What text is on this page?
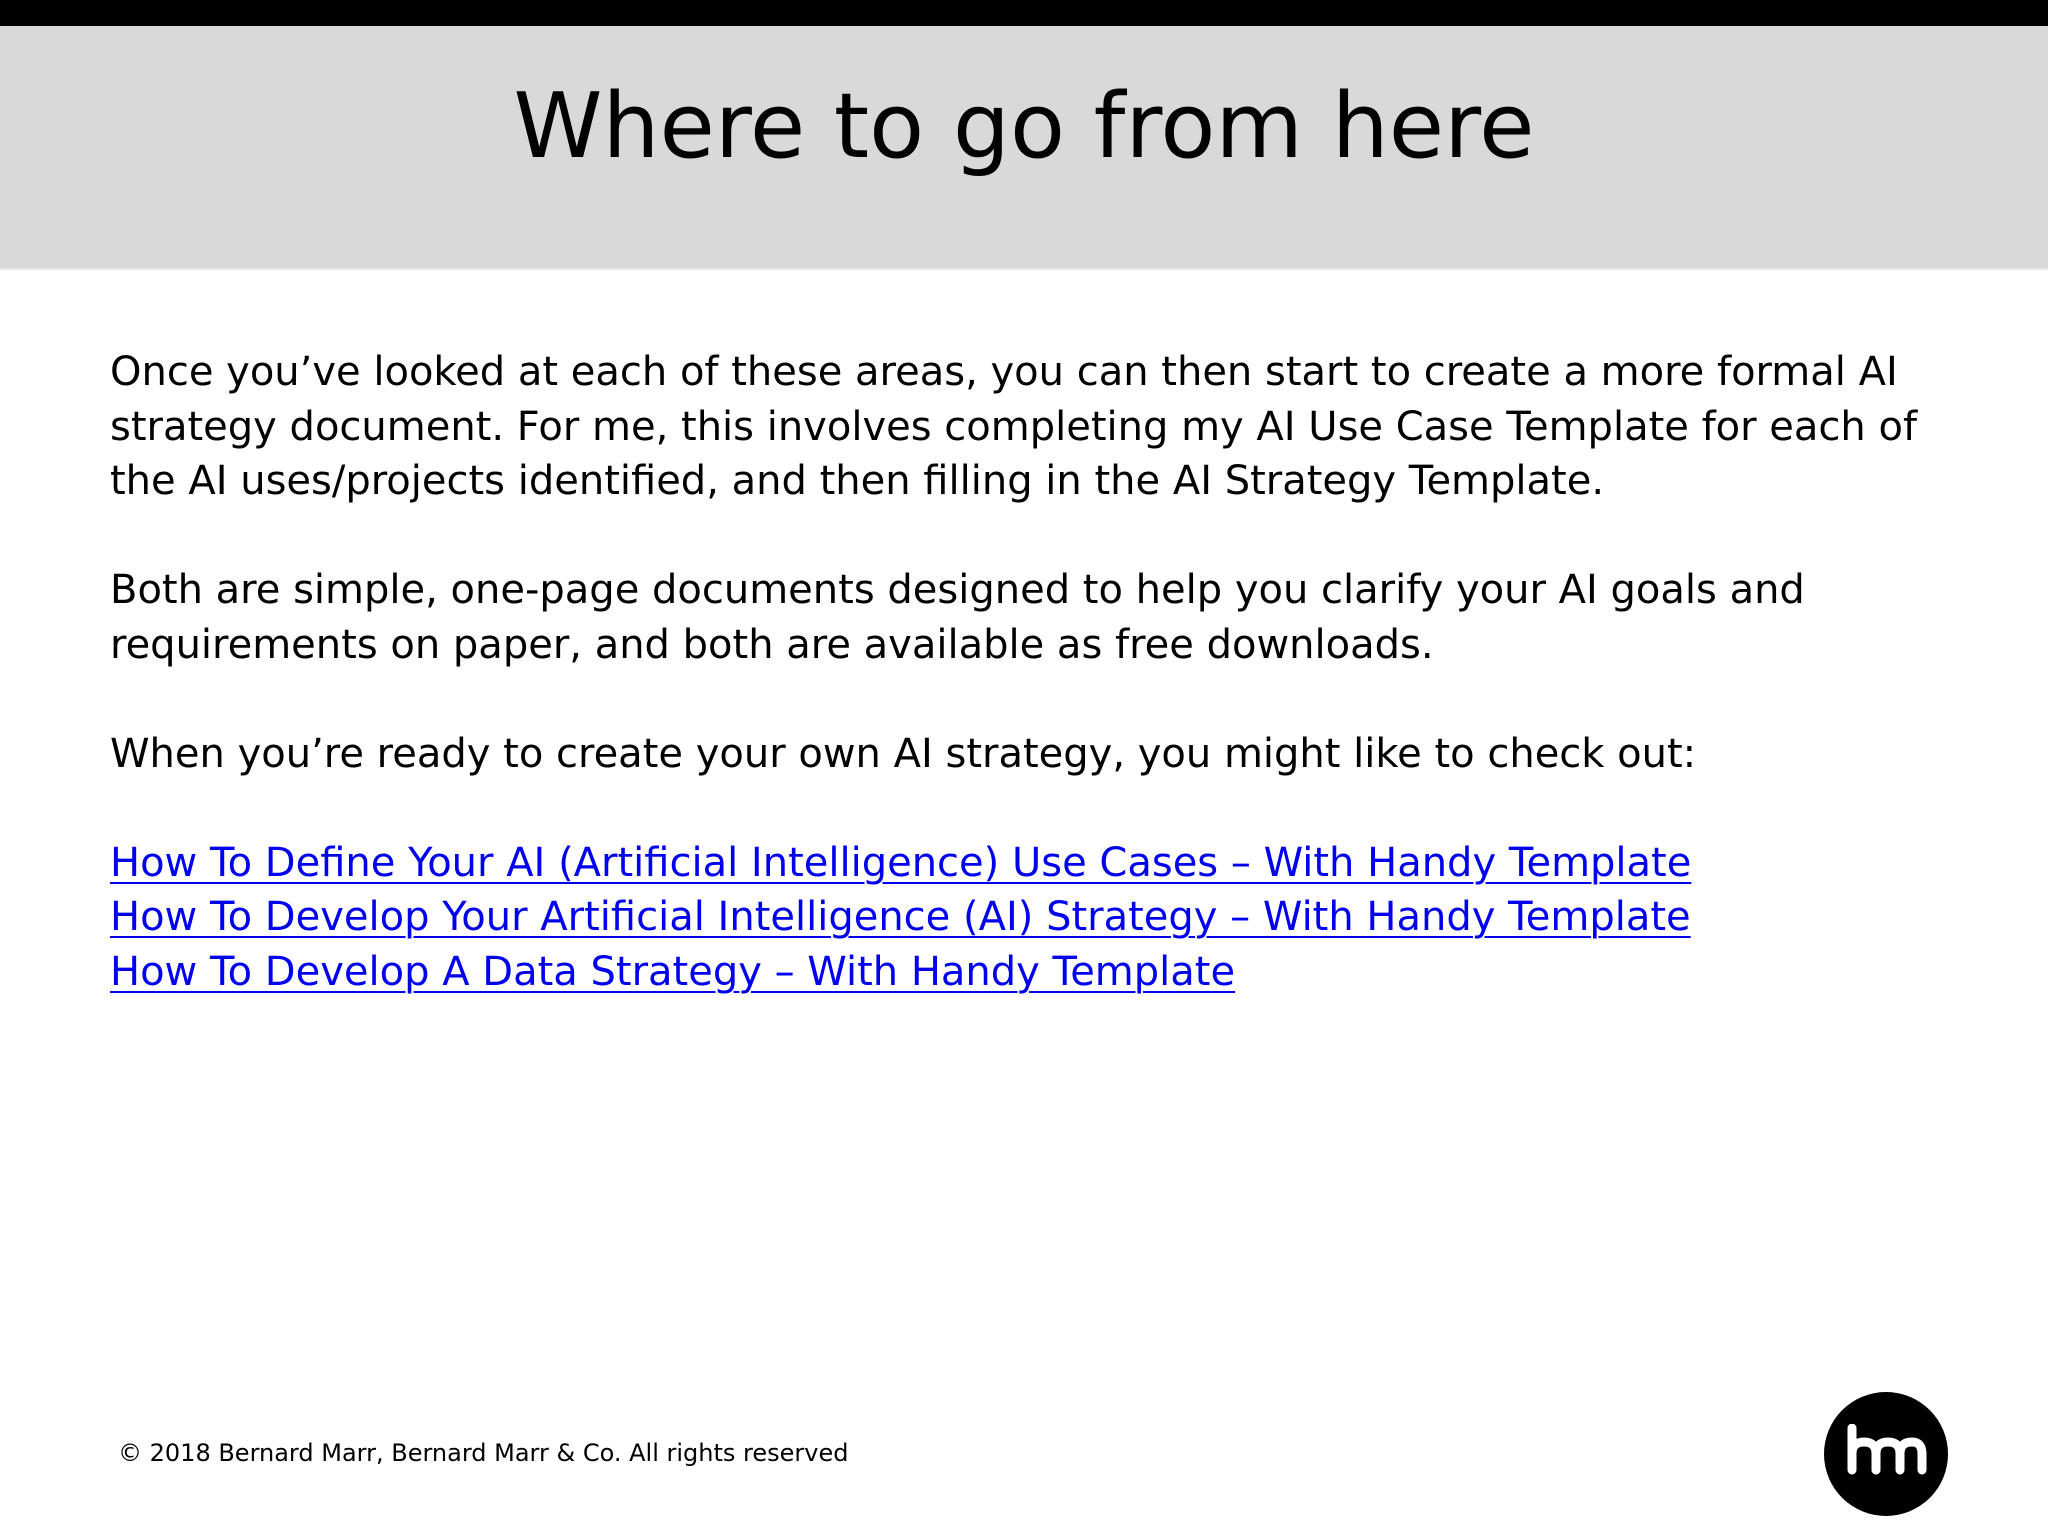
Where to go from here

Once you’ve looked at each of these areas, you can then start to create a more formal AI strategy document. For me, this involves completing my AI Use Case Template for each of the AI uses/projects identified, and then filling in the AI Strategy Template.

Both are simple, one-page documents designed to help you clarify your AI goals and requirements on paper, and both are available as free downloads.

When you’re ready to create your own AI strategy, you might like to check out:

How To Define Your AI (Artificial Intelligence) Use Cases – With Handy Template
How To Develop Your Artificial Intelligence (AI) Strategy – With Handy Template
How To Develop A Data Strategy – With Handy Template
© 2018 Bernard Marr, Bernard Marr & Co. All rights reserved
